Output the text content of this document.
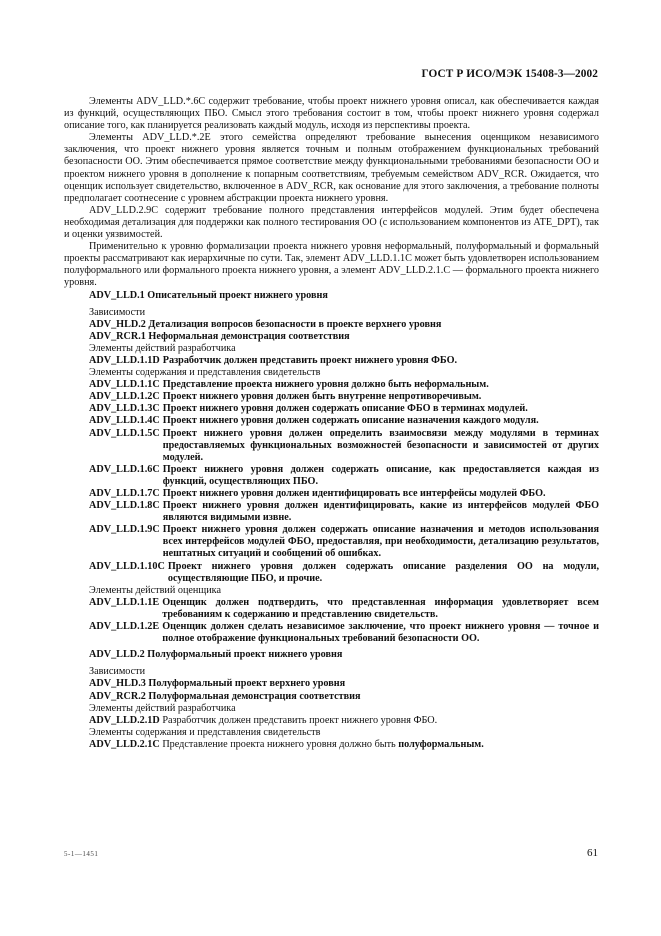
ГОСТ Р ИСО/МЭК 15408-3—2002

Элементы ADV_LLD.*.6C содержит требование, чтобы проект нижнего уровня описал, как обеспечивается каждая из функций, осуществляющих ПБО. Смысл этого требования состоит в том, чтобы проект нижнего уровня содержал описание того, как планируется реализовать каждый модуль, исходя из перспективы проекта.

Элементы ADV_LLD.*.2E этого семейства определяют требование вынесения оценщиком независимого заключения, что проект нижнего уровня является точным и полным отображением функциональных требований безопасности ОО. Этим обеспечивается прямое соответствие между функциональными требованиями безопасности ОО и проектом нижнего уровня в дополнение к попарным соответствиям, требуемым семейством ADV_RCR. Ожидается, что оценщик использует свидетельство, включенное в ADV_RCR, как основание для этого заключения, а требование полноты предполагает соотнесение с уровнем абстракции проекта нижнего уровня.

ADV_LLD.2.9C содержит требование полного представления интерфейсов модулей. Этим будет обеспечена необходимая детализация для поддержки как полного тестирования ОО (с использованием компонентов из ATE_DPT), так и оценки уязвимостей.

Применительно к уровню формализации проекта нижнего уровня неформальный, полуформальный и формальный проекты рассматривают как иерархичные по сути. Так, элемент ADV_LLD.1.1C может быть удовлетворен использованием полуформального или формального проекта нижнего уровня, а элемент ADV_LLD.2.1.C — формального проекта нижнего уровня.

ADV_LLD.1 Описательный проект нижнего уровня

Зависимости

ADV_HLD.2 Детализация вопросов безопасности в проекте верхнего уровня

ADV_RCR.1 Неформальная демонстрация соответствия

Элементы действий разработчика

ADV_LLD.1.1D Разработчик должен представить проект нижнего уровня ФБО.

Элементы содержания и представления свидетельств

ADV_LLD.1.1C Представление проекта нижнего уровня должно быть неформальным.
ADV_LLD.1.2C Проект нижнего уровня должен быть внутренне непротиворечивым.
ADV_LLD.1.3C Проект нижнего уровня должен содержать описание ФБО в терминах модулей.
ADV_LLD.1.4C Проект нижнего уровня должен содержать описание назначения каждого модуля.
ADV_LLD.1.5C Проект нижнего уровня должен определить взаимосвязи между модулями в терминах предоставляемых функциональных возможностей безопасности и зависимостей от других модулей.
ADV_LLD.1.6C Проект нижнего уровня должен содержать описание, как предоставляется каждая из функций, осуществляющих ПБО.
ADV_LLD.1.7C Проект нижнего уровня должен идентифицировать все интерфейсы модулей ФБО.
ADV_LLD.1.8C Проект нижнего уровня должен идентифицировать, какие из интерфейсов модулей ФБО являются видимыми извне.
ADV_LLD.1.9C Проект нижнего уровня должен содержать описание назначения и методов использования всех интерфейсов модулей ФБО, предоставляя, при необходимости, детализацию результатов, нештатных ситуаций и сообщений об ошибках.
ADV_LLD.1.10C Проект нижнего уровня должен содержать описание разделения ОО на модули, осуществляющие ПБО, и прочие.

Элементы действий оценщика

ADV_LLD.1.1E Оценщик должен подтвердить, что представленная информация удовлетворяет всем требованиям к содержанию и представлению свидетельств.
ADV_LLD.1.2E Оценщик должен сделать независимое заключение, что проект нижнего уровня — точное и полное отображение функциональных требований безопасности ОО.

ADV_LLD.2 Полуформальный проект нижнего уровня

Зависимости

ADV_HLD.3 Полуформальный проект верхнего уровня

ADV_RCR.2 Полуформальная демонстрация соответствия

Элементы действий разработчика

ADV_LLD.2.1D Разработчик должен представить проект нижнего уровня ФБО.

Элементы содержания и представления свидетельств

ADV_LLD.2.1C Представление проекта нижнего уровня должно быть полуформальным.

5-1—1451	61
